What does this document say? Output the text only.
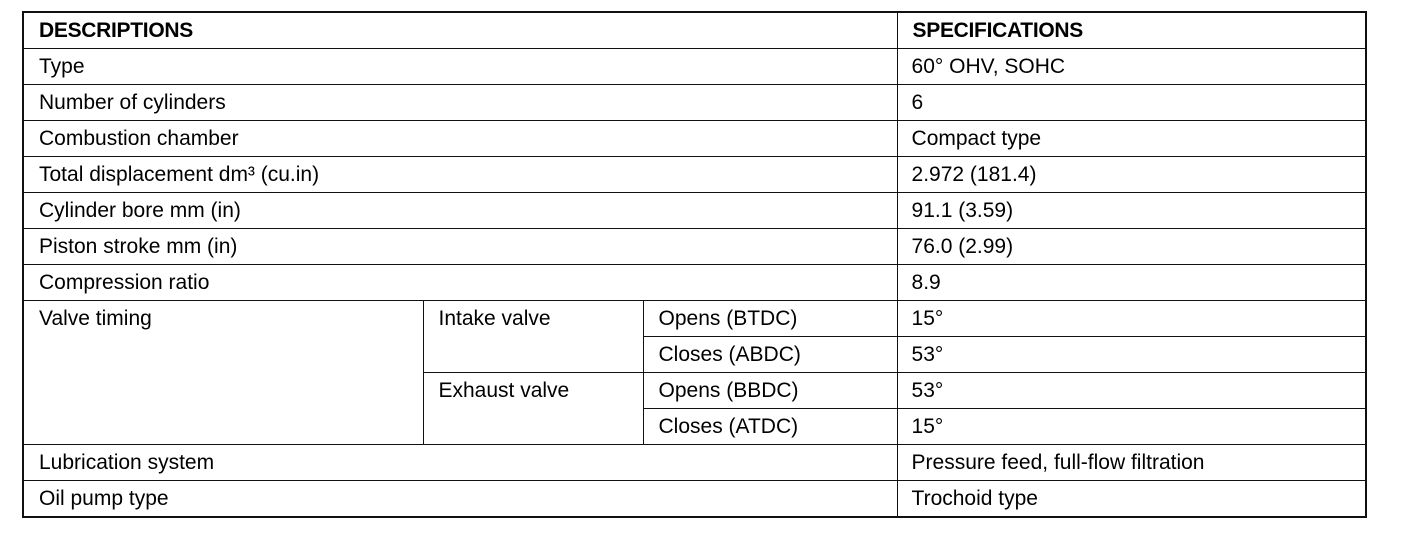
DESCRIPTIONS			SPECIFICATIONS
Type			60° OHV, SOHC
Number of cylinders			6
Combustion chamber			Compact type
Total displacement dm³ (cu.in)			2.972 (181.4)
Cylinder bore mm (in)			91.1 (3.59)
Piston stroke mm (in)			76.0 (2.99)
Compression ratio			8.9
Valve timing	Intake valve	Opens (BTDC)	15°
		Closes (ABDC)	53°
	Exhaust valve	Opens (BBDC)	53°
		Closes (ATDC)	15°
Lubrication system			Pressure feed, full-flow filtration
Oil pump type			Trochoid type
